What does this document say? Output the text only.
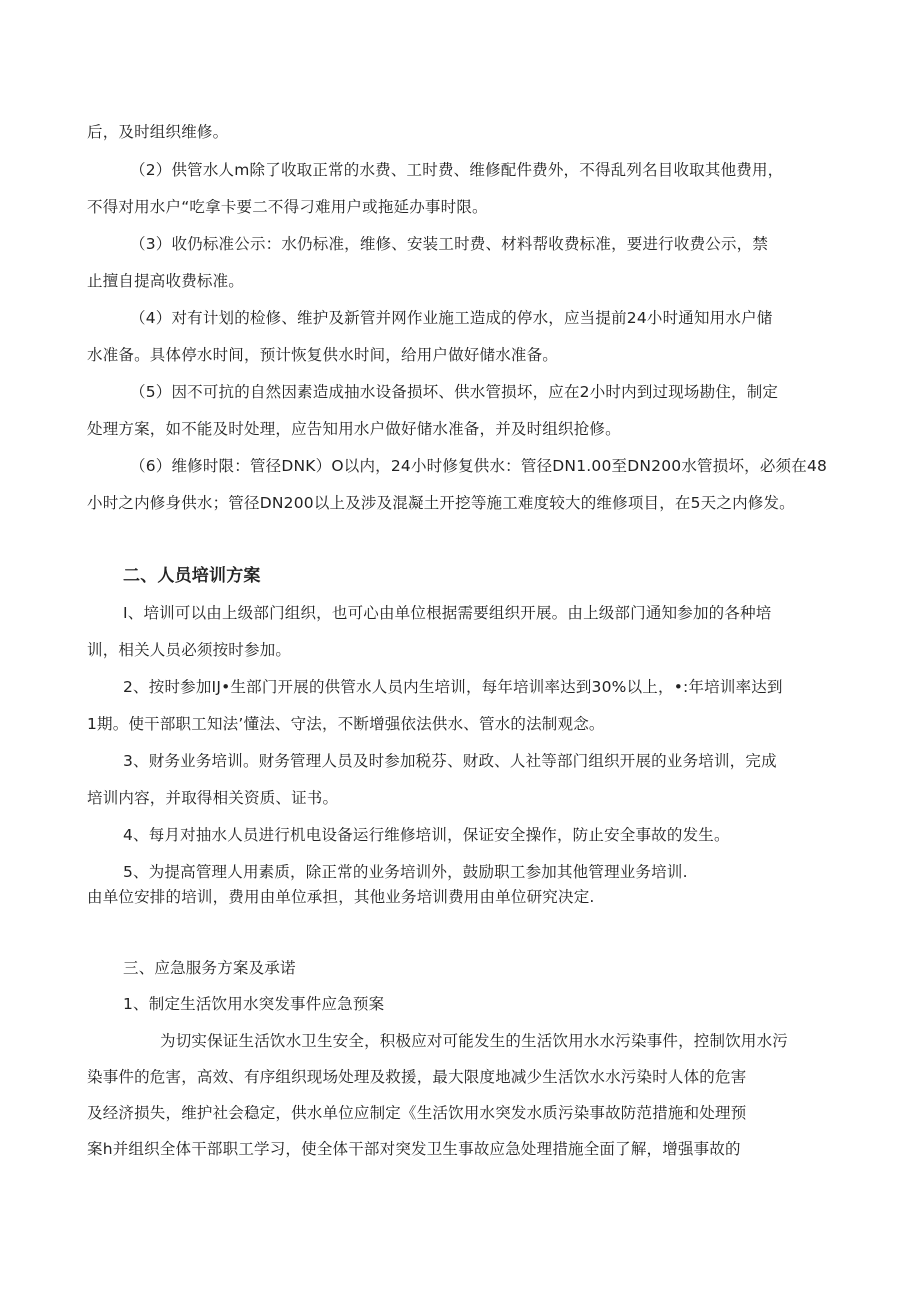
后，及时组织维修。
（2）供管水人m除了收取正常的水费、工时费、维修配件费外，不得乱列名目收取其他费用，
不得对用水户“吃拿卡要二不得刁难用户或拖延办事时限。
（3）收仍标准公示：水仍标准，维修、安装工时费、材料帮收费标准，要进行收费公示，禁
止擅自提高收费标准。
（4）对有计划的检修、维护及新管并网作业施工造成的停水，应当提前24小时通知用水户储
水准备。具体停水时间，预计恢复供水时间，给用户做好储水准备。
（5）因不可抗的自然因素造成抽水设备损坏、供水管损坏，应在2小时内到过现场勘住，制定
处理方案，如不能及时处理，应告知用水户做好储水准备，并及时组织抢修。
（6）维修时限：管径DNK）O以内，24小时修复供水：管径DN1.00至DN200水管损坏，必须在48
小时之内修身供水；管径DN200以上及涉及混凝土开挖等施工难度较大的维修项目，在5天之内修发。
二、人员培训方案
I、培训可以由上级部门组织，也可心由单位根据需要组织开展。由上级部门通知参加的各种培
训，相关人员必须按时参加。
2、按时参加IJ•生部门开展的供管水人员内生培训，每年培训率达到30%以上，•:年培训率达到
1期。使干部职工知法’懂法、守法，不断增强依法供水、管水的法制观念。
3、财务业务培训。财务管理人员及时参加税芬、财政、人社等部门组织开展的业务培训，完成
培训内容，并取得相关资质、证书。
4、每月对抽水人员进行机电设备运行维修培训，保证安全操作，防止安全事故的发生。
5、为提高管理人用素质，除正常的业务培训外，鼓励职工参加其他管理业务培训.
由单位安排的培训，费用由单位承担，其他业务培训费用由单位研究决定.
三、应急服务方案及承诺
1、制定生活饮用水突发事件应急预案
为切实保证生活饮水卫生安全，积极应对可能发生的生活饮用水水污染事件，控制饮用水污
染事件的危害，高效、有序组织现场处理及救援，最大限度地减少生活饮水水污染时人体的危害
及经济损失，维护社会稳定，供水单位应制定《生活饮用水突发水质污染事故防范措施和处理预
案h并组织全体干部职工学习，使全体干部对突发卫生事故应急处理措施全面了解，增强事故的
